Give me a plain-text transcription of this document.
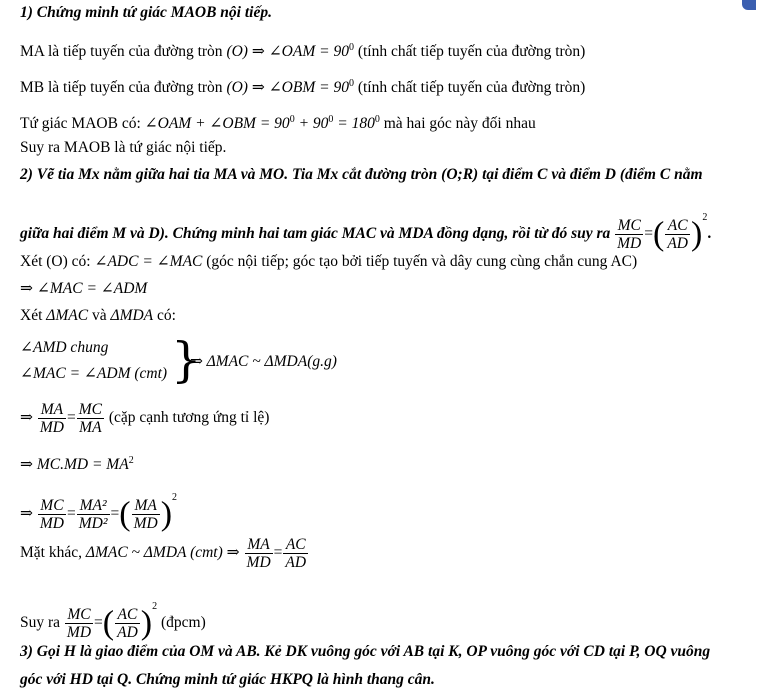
1) Chứng minh tứ giác MAOB nội tiếp.
MA là tiếp tuyến của đường tròn (O) ⇒ ∠OAM = $90^0$ (tính chất tiếp tuyến của đường tròn)
MB là tiếp tuyến của đường tròn (O) ⇒ ∠OBM = $90^0$ (tính chất tiếp tuyến của đường tròn)
Tứ giác MAOB có: ∠OAM + ∠OBM = $90^0 + 90^0 = 180^0$ mà hai góc này đối nhau
Suy ra MAOB là tứ giác nội tiếp.
2) Vẽ tia Mx nằm giữa hai tia MA và MO. Tia Mx cắt đường tròn (O;R) tại điểm C và điểm D (điểm C nằm
giữa hai điểm M và D). Chứng minh hai tam giác MAC và MDA đồng dạng, rồi từ đó suy ra $\frac{MC}{MD}$ =( $\frac{AC}{AD} )^2$.
Xét (O) có: ∠ADC = ∠MAC (góc nội tiếp; góc tạo bởi tiếp tuyến và dây cung cùng chắn cung AC)
⇒ ∠MAC = ∠ADM
Xét ΔMAC và ΔMDA có:
∠AMD chung
∠MAC = ∠ADM (cmt) }
⇒ ΔMAC ~ ΔMDA(g.g)
⇒ $\frac{MA}{MD} = \frac{MC}{MA}$ (cặp cạnh tương ứng tỉ lệ)
⇒ $MC.MD = MA^2$
⇒ $\frac{MC}{MD} = \frac{\text{MA²}}{\text{MD²}}$ =( $\frac{MA}{MD} )^2$
Mặt khác, ΔMAC ~ ΔMDA (cmt) ⇒ $\frac{MA}{MD} = \frac{AC}{AD}$
Suy ra $\frac{MC}{MD}$ =( $\frac{AC}{AD} )^2$ (đpcm)
3) Gọi H là giao điểm của OM và AB. Kẻ DK vuông góc với AB tại K, OP vuông góc với CD tại P, OQ vuông
góc với HD tại Q. Chứng minh tứ giác HKPQ là hình thang cân.
